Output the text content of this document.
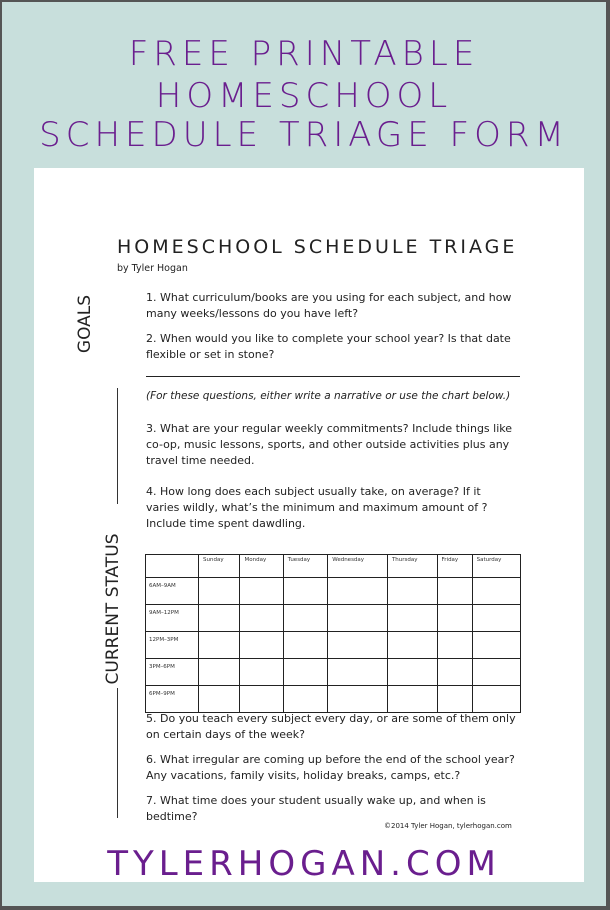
FREE PRINTABLE
HOMESCHOOL
SCHEDULE TRIAGE FORM
HOMESCHOOL SCHEDULE TRIAGE
by Tyler Hogan
GOALS
CURRENT STATUS
1. What curriculum/books are you using for each subject, and how many weeks/lessons do you have left?
2. When would you like to complete your school year? Is that date flexible or set in stone?
(For these questions, either write a narrative or use the chart below.)
3. What are your regular weekly commitments? Include things like co-op, music lessons, sports, and other outside activities plus any travel time needed.
4. How long does each subject usually take, on average? If it varies wildly, what’s the minimum and maximum amount of ? Include time spent dawdling.
	Sunday	Monday	Tuesday	Wednesday	Thursday	Friday	Saturday
6AM–9AM							
9AM–12PM							
12PM–3PM							
3PM–6PM							
6PM–9PM							
5. Do you teach every subject every day, or are some of them only on certain days of the week?
6. What irregular are coming up before the end of the school year? Any vacations, family visits, holiday breaks, camps, etc.?
7. What time does your student usually wake up, and when is bedtime?
©2014 Tyler Hogan, tylerhogan.com
TYLERHOGAN.COM
